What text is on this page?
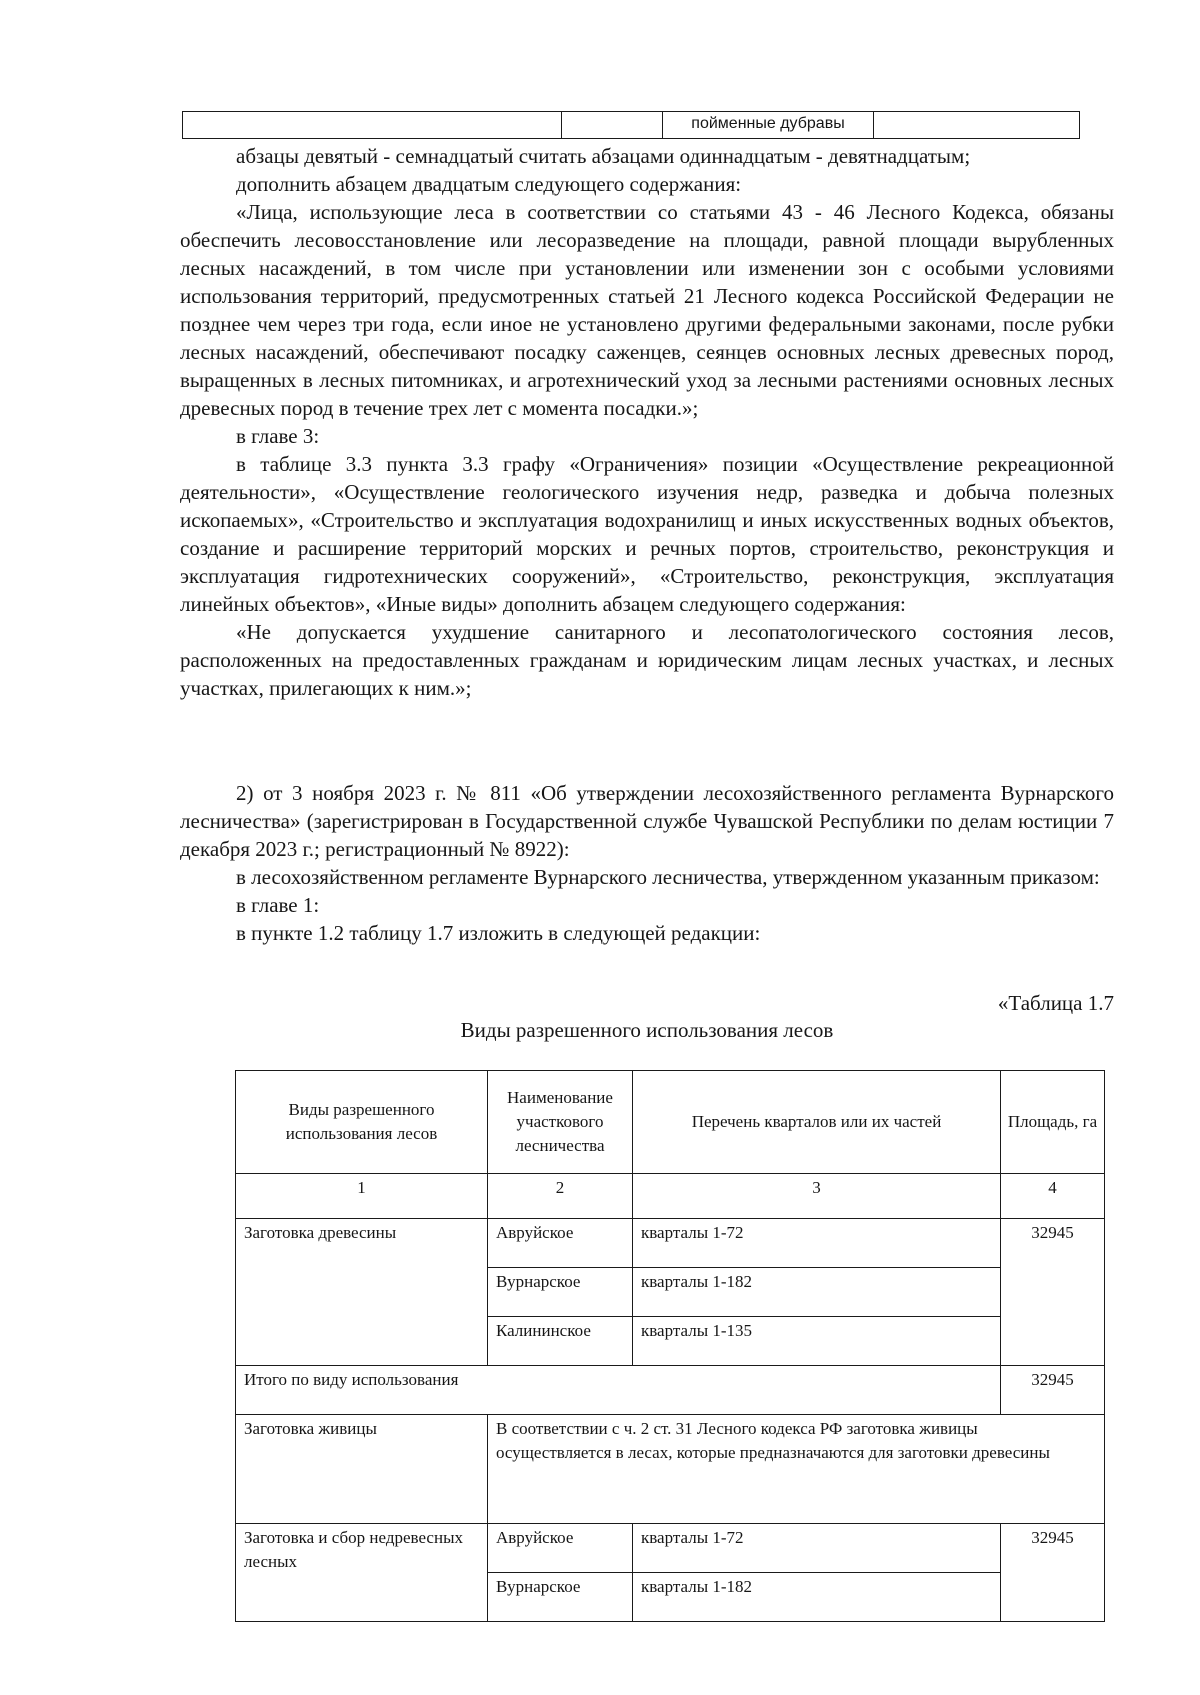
пойменные дубравы

абзацы девятый - семнадцатый считать абзацами одиннадцатым - девятнадцатым;

дополнить абзацем двадцатым следующего содержания:

«Лица, использующие леса в соответствии со статьями 43 - 46 Лесного Кодекса, обязаны обеспечить лесовосстановление или лесоразведение на площади, равной площади вырубленных лесных насаждений, в том числе при установлении или изменении зон с особыми условиями использования территорий, предусмотренных статьей 21 Лесного кодекса Российской Федерации не позднее чем через три года, если иное не установлено другими федеральными законами, после рубки лесных насаждений, обеспечивают посадку саженцев, сеянцев основных лесных древесных пород, выращенных в лесных питомниках, и агротехнический уход за лесными растениями основных лесных древесных пород в течение трех лет с момента посадки.»;

в главе 3:

в таблице 3.3 пункта 3.3 графу «Ограничения» позиции «Осуществление рекреационной деятельности», «Осуществление геологического изучения недр, разведка и добыча полезных ископаемых», «Строительство и эксплуатация водохранилищ и иных искусственных водных объектов, создание и расширение территорий морских и речных портов, строительство, реконструкция и эксплуатация гидротехнических сооружений», «Строительство, реконструкция, эксплуатация линейных объектов», «Иные виды» дополнить абзацем следующего содержания:

«Не допускается ухудшение санитарного и лесопатологического состояния лесов, расположенных на предоставленных гражданам и юридическим лицам лесных участках, и лесных участках, прилегающих к ним.»;

2) от 3 ноября 2023 г. № 811 «Об утверждении лесохозяйственного регламента Вурнарского лесничества» (зарегистрирован в Государственной службе Чувашской Республики по делам юстиции 7 декабря 2023 г.; регистрационный № 8922):

в лесохозяйственном регламенте Вурнарского лесничества, утвержденном указанным приказом:

в главе 1:

в пункте 1.2 таблицу 1.7 изложить в следующей редакции:

«Таблица 1.7
Виды разрешенного использования лесов
Виды разрешенного использования лесов	Наименование участкового лесничества	Перечень кварталов или их частей	Площадь, га
1	2	3	4
Заготовка древесины	Авруйское	кварталы 1-72	32945
	Вурнарское	кварталы 1-182	
	Калининское	кварталы 1-135	
Итого по виду использования			32945
Заготовка живицы	В соответствии с ч. 2 ст. 31 Лесного кодекса РФ заготовка живицы осуществляется в лесах, которые предназначаются для заготовки древесины		
Заготовка и сбор недревесных лесных	Авруйское	кварталы 1-72	32945
	Вурнарское	кварталы 1-182	
